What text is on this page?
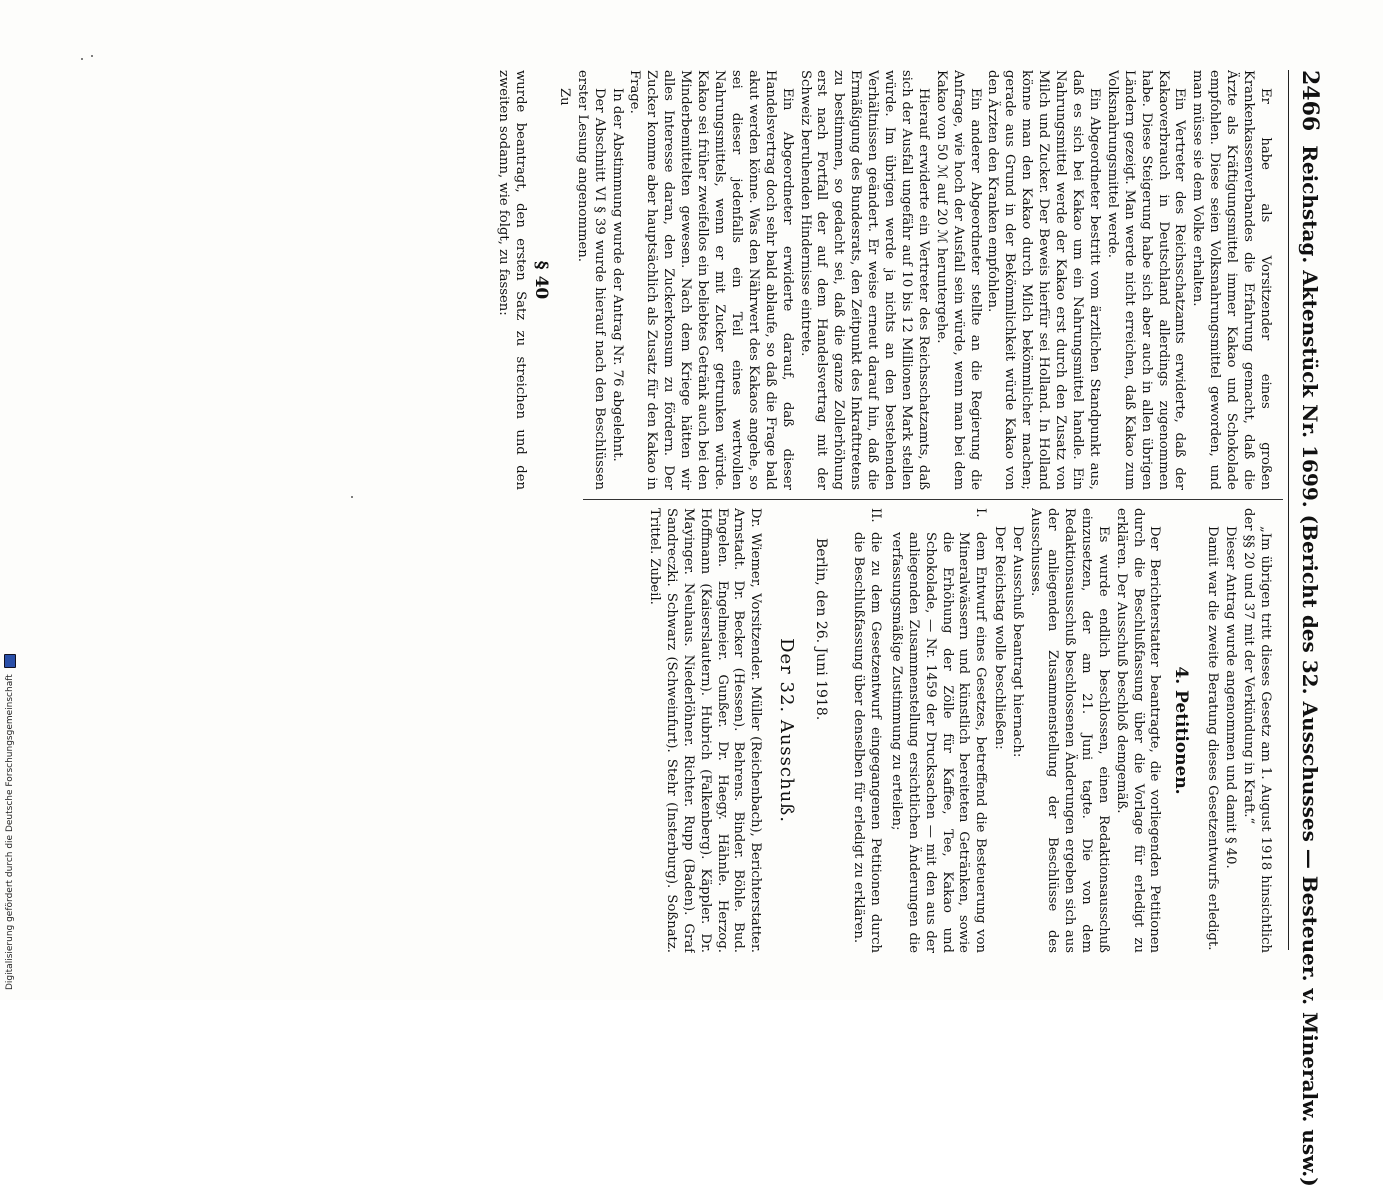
2466
Reichstag. Aktenstück Nr. 1699. (Bericht des 32. Ausschusses — Besteuer. v. Mineralw. usw.)

Er habe als Vorsitzender eines großen Krankenkassenverbandes die Erfahrung gemacht, daß die Ärzte als Kräftigungsmittel immer Kakao und Schokolade empfohlen. Diese seien Volksnahrungsmittel geworden, und man müsse sie dem Volke erhalten.

Ein Vertreter des Reichsschatzamts erwiderte, daß der Kakaoverbrauch in Deutschland allerdings zugenommen habe. Diese Steigerung habe sich aber auch in allen übrigen Ländern gezeigt. Man werde nicht erreichen, daß Kakao zum Volksnahrungsmittel werde.

Ein Abgeordneter bestritt vom ärztlichen Standpunkt aus, daß es sich bei Kakao um ein Nahrungsmittel handle. Ein Nahrungsmittel werde der Kakao erst durch den Zusatz von Milch und Zucker. Der Beweis hierfür sei Holland. In Holland könne man den Kakao durch Milch bekömmlicher machen; gerade aus Grund in der Bekömmlichkeit würde Kakao von den Ärzten den Kranken empfohlen.

Ein anderer Abgeordneter stellte an die Regierung die Anfrage, wie hoch der Ausfall sein würde, wenn man bei dem Kakao von 50 ℳ auf 20 ℳ heruntergehe.

Hierauf erwiderte ein Vertreter des Reichsschatzamts, daß sich der Ausfall ungefähr auf 10 bis 12 Millionen Mark stellen würde. Im übrigen werde ja nichts an den bestehenden Verhältnissen geändert. Er weise erneut darauf hin, daß die Ermäßigung des Bundesrats, den Zeitpunkt des Inkrafttretens zu bestimmen, so gedacht sei, daß die ganze Zollerhöhung erst nach Fortfall der auf dem Handelsvertrag mit der Schweiz beruhenden Hindernisse eintrete.

Ein Abgeordneter erwiderte darauf, daß dieser Handelsvertrag doch sehr bald ablaufe, so daß die Frage bald akut werden könne. Was den Nährwert des Kakaos angehe, so sei dieser jedenfalls ein Teil eines wertvollen Nahrungsmittels, wenn er mit Zucker getrunken würde. Kakao sei früher zweifellos ein beliebtes Getränk auch bei den Minderbemittelten gewesen. Nach dem Kriege hätten wir alles Interesse daran, den Zuckerkonsum zu fördern. Der Zucker komme aber hauptsächlich als Zusatz für den Kakao in Frage.

In der Abstimmung wurde der Antrag Nr. 76 abgelehnt.

Der Abschnitt VI § 39 wurde hierauf nach den Beschlüssen erster Lesung angenommen.

Zu

§ 40

wurde beantragt, den ersten Satz zu streichen und den zweiten sodann, wie folgt, zu fassen:

„Im übrigen tritt dieses Gesetz am 1. August 1918 hinsichtlich der §§ 20 und 37 mit der Verkündung in Kraft.“

Dieser Antrag wurde angenommen und damit § 40.

Damit war die zweite Beratung dieses Gesetzentwurfs erledigt.

4. Petitionen.

Der Berichterstatter beantragte, die vorliegenden Petitionen durch die Beschlußfassung über die Vorlage für erledigt zu erklären. Der Ausschuß beschloß demgemäß.

Es wurde endlich beschlossen, einen Redaktionsausschuß einzusetzen, der am 21. Juni tagte. Die von dem Redaktionsausschuß beschlossenen Änderungen ergeben sich aus der anliegenden Zusammenstellung der Beschlüsse des Ausschusses.

Der Ausschuß beantragt hiernach:

Der Reichstag wolle beschließen:

I.
dem Entwurf eines Gesetzes, betreffend die Besteuerung von Mineralwässern und künstlich bereiteten Getränken, sowie die Erhöhung der Zölle für Kaffee, Tee, Kakao und Schokolade, — Nr. 1459 der Drucksachen — mit den aus der anliegenden Zusammenstellung ersichtlichen Änderungen die verfassungsmäßige Zustimmung zu erteilen;
II.
die zu dem Gesetzentwurf eingegangenen Petitionen durch die Beschlußfassung über denselben für erledigt zu erklären.
Berlin, den 26. Juni 1918.
Der 32. Ausschuß.
Dr. Wiemer, Vorsitzender. Müller (Reichenbach), Berichterstatter. Arnstadt. Dr. Becker (Hessen). Behrens. Binder. Böhle. Bud. Engelen. Engelmeier. Gunßer. Dr. Haegy. Hähnle. Herzog. Hoffmann (Kaiserslautern). Hubrich (Falkenberg). Käppler. Dr. Mayinger. Neuhaus. Niederlöhner. Richter. Rupp (Baden). Graf Sandreczki. Schwarz (Schweinfurt). Stehr (Insterburg). Soßnatz. Trittel. Zubeil.
Digitalisierung gefördert durch die Deutsche Forschungsgemeinschaft
